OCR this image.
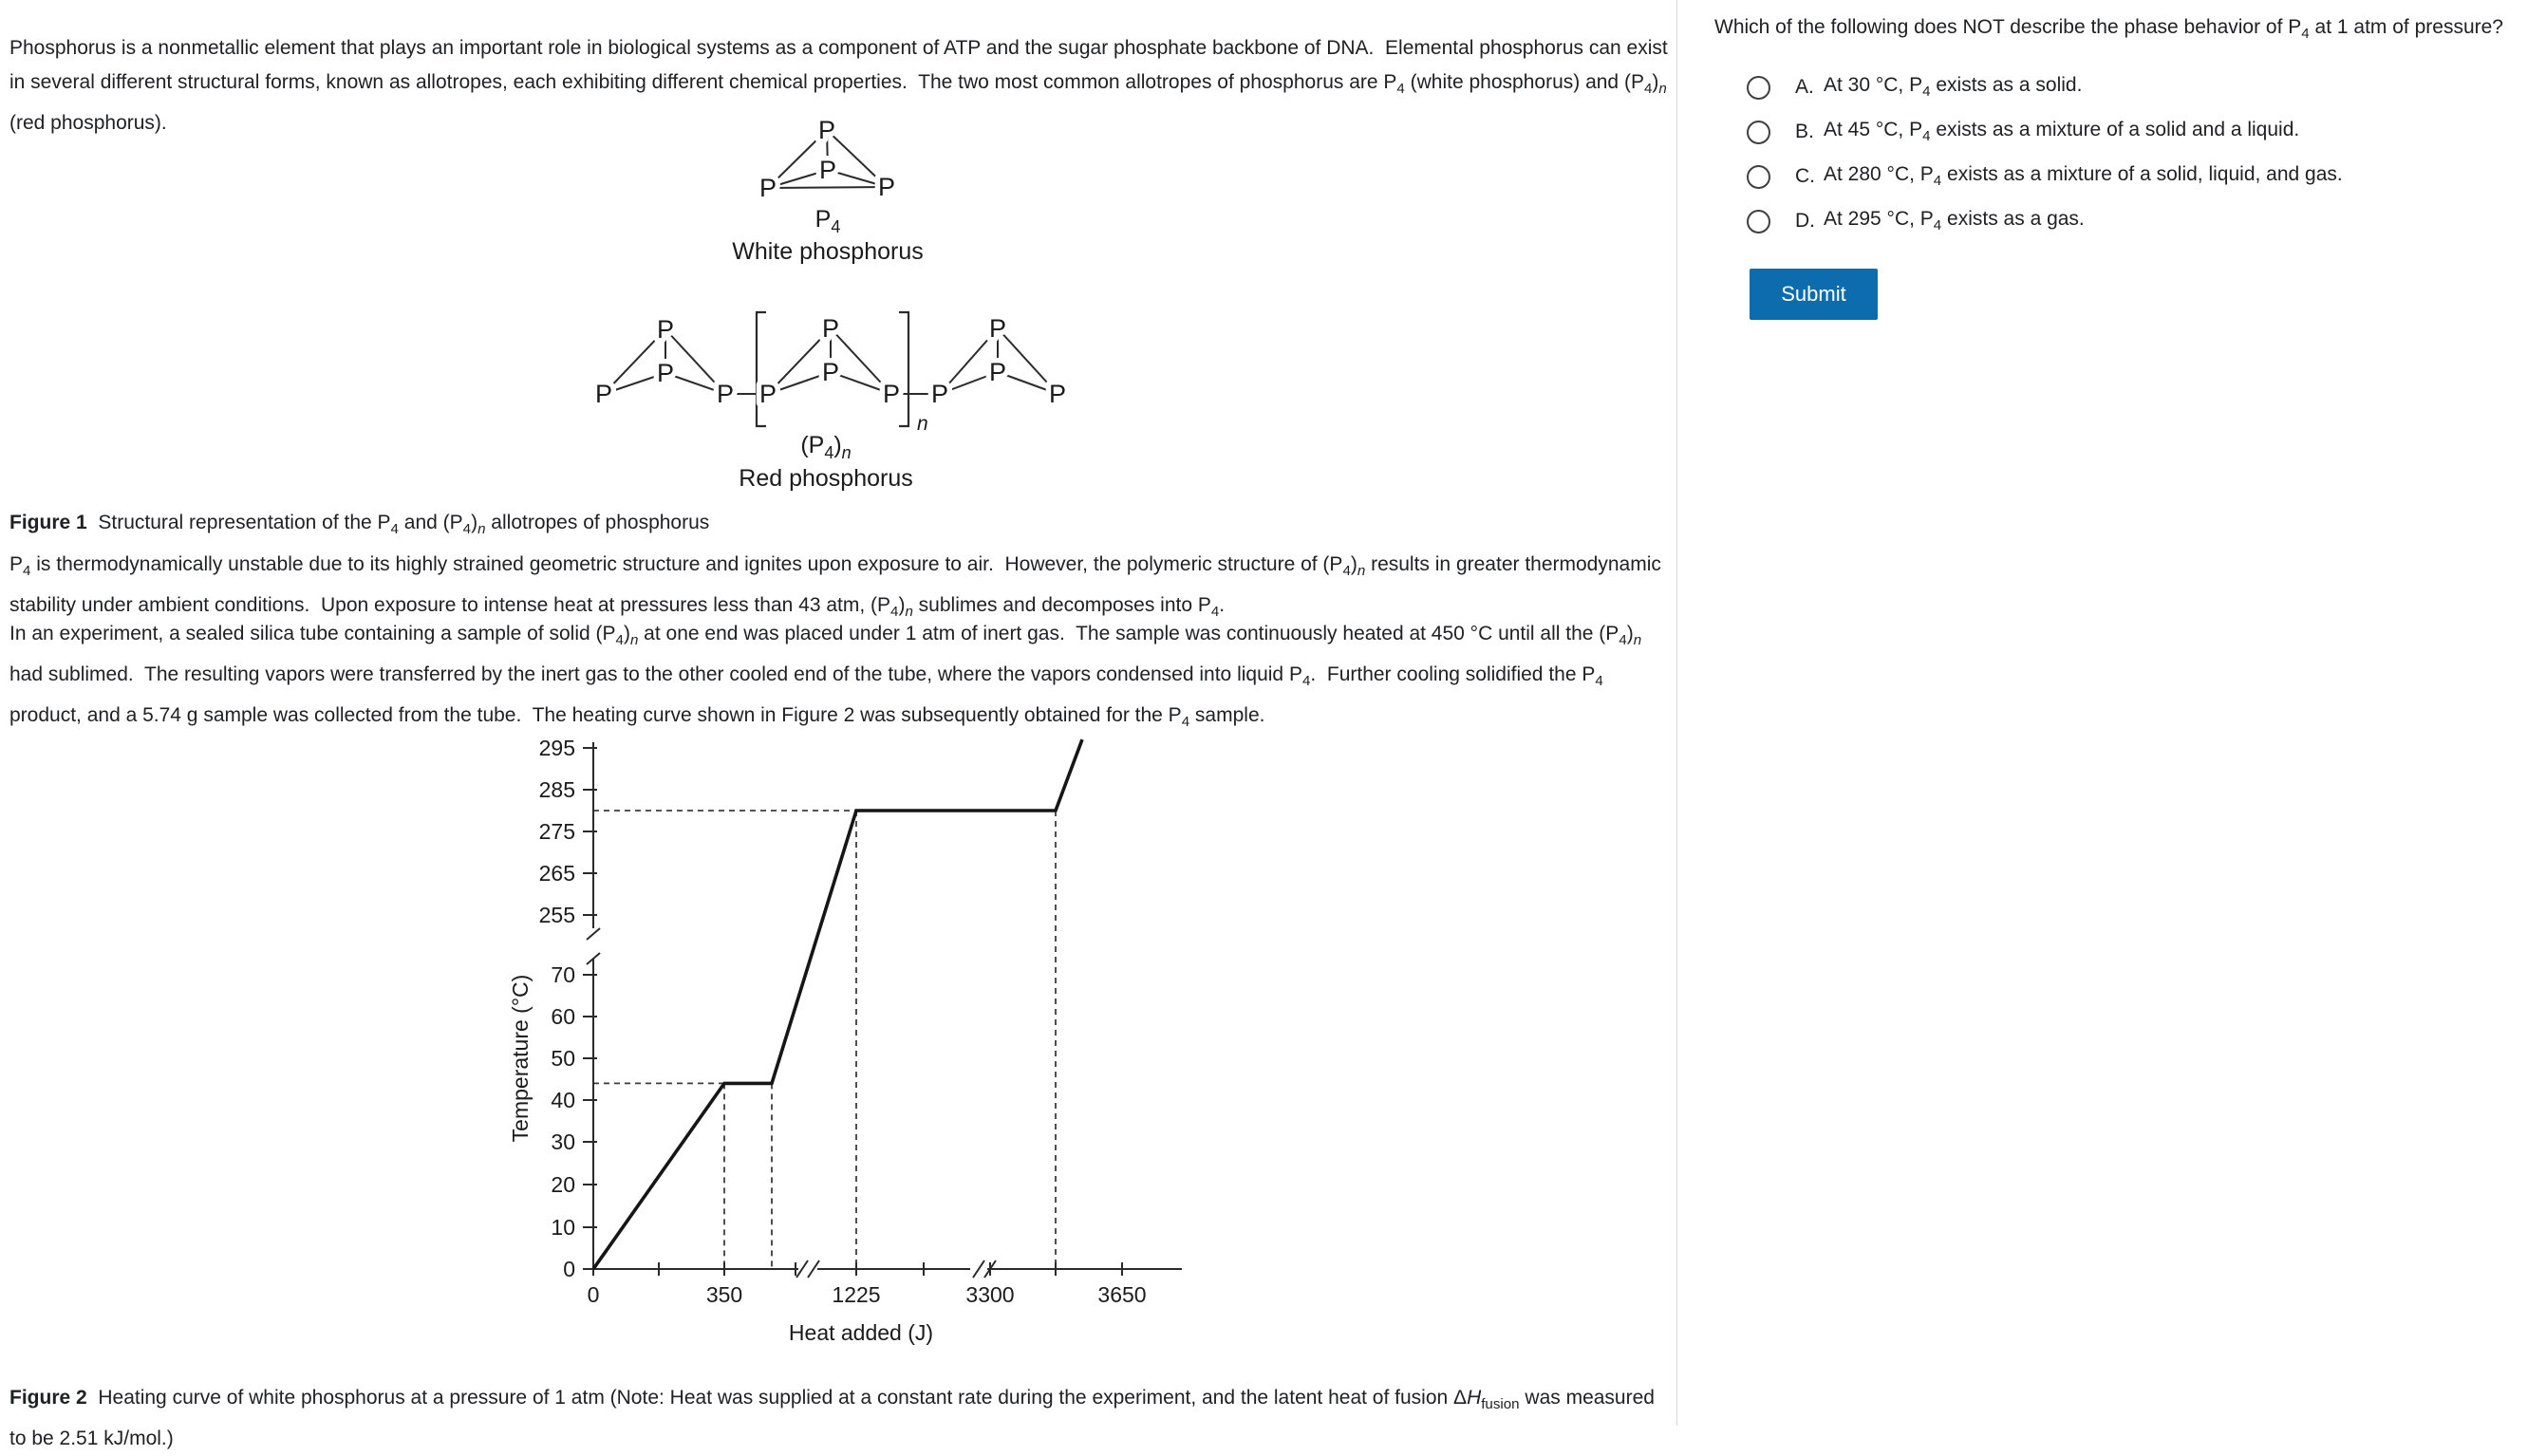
Phosphorus is a nonmetallic element that plays an important role in biological systems as a component of ATP and the sugar phosphate backbone of DNA.  Elemental phosphorus can exist in several different structural forms, known as allotropes, each exhibiting different chemical properties.  The two most common allotropes of phosphorus are $P_4$ (white phosphorus) and $(P_4)_n$ (red phosphorus).

n
P
P
P	P
P
P
P	P
P
P
P	P
P
P
P	P
$P_4$
White phosphorus
$(P_4)_n$
Red phosphorus

Figure 1  Structural representation of the $P_4$ and $(P_4)_n$ allotropes of phosphorus

$P_4$ is thermodynamically unstable due to its highly strained geometric structure and ignites upon exposure to air.  However, the polymeric structure of $(P_4)_n$ results in greater thermodynamic stability under ambient conditions.  Upon exposure to intense heat at pressures less than 43 atm, $(P_4)_n$ sublimes and decomposes into $P_4$.

In an experiment, a sealed silica tube containing a sample of solid $(P_4)_n$ at one end was placed under 1 atm of inert gas.  The sample was continuously heated at 450 °C until all the $(P_4)_n$ had sublimed.  The resulting vapors were transferred by the inert gas to the other cooled end of the tube, where the vapors condensed into liquid $P_4$.  Further cooling solidified the $P_4$ product, and a 5.74 g sample was collected from the tube.  The heating curve shown in Figure 2 was subsequently obtained for the $P_4$ sample.

0	350	1225	3300	3650
0
10
20
30
40
50
60
70
255
265
275
285
295
Heat added (J)
Temperature (°C)

Figure 2  Heating curve of white phosphorus at a pressure of 1 atm (Note: Heat was supplied at a constant rate during the experiment, and the latent heat of fusion $\Delta H_{fusion}$ was measured to be 2.51 kJ/mol.)

Which of the following does NOT describe the phase behavior of $P_4$ at 1 atm of pressure?
A. At 30 °C, $P_4$ exists as a solid.
B. At 45 °C, $P_4$ exists as a mixture of a solid and a liquid.
C. At 280 °C, $P_4$ exists as a mixture of a solid, liquid, and gas.
D. At 295 °C, $P_4$ exists as a gas.
Submit
